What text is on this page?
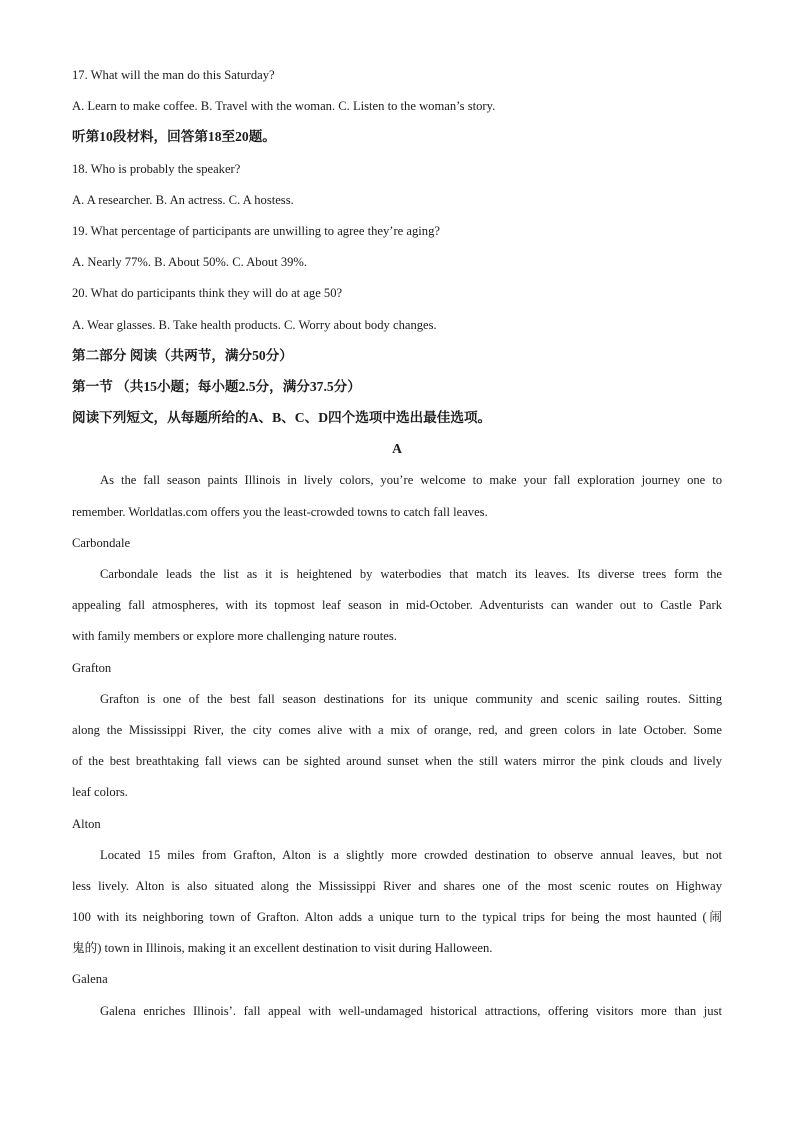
17. What will the man do this Saturday?
A. Learn to make coffee. B. Travel with the woman. C. Listen to the woman’s story.
听第10段材料，回答第18至20题。
18. Who is probably the speaker?
A. A researcher. B. An actress. C. A hostess.
19. What percentage of participants are unwilling to agree they’re aging?
A. Nearly 77%. B. About 50%. C. About 39%.
20. What do participants think they will do at age 50?
A. Wear glasses. B. Take health products. C. Worry about body changes.
第二部分 阅读（共两节，满分50分）
第一节 （共15小题；每小题2.5分，满分37.5分）
阅读下列短文，从每题所给的A、B、C、D四个选项中选出最佳选项。
A
As the fall season paints Illinois in lively colors, you’re welcome to make your fall exploration journey one to
remember. Worldatlas.com offers you the least-crowded towns to catch fall leaves.
Carbondale
Carbondale leads the list as it is heightened by waterbodies that match its leaves. Its diverse trees form the
appealing fall atmospheres, with its topmost leaf season in mid-October. Adventurists can wander out to Castle Park
with family members or explore more challenging nature routes.
Grafton
Grafton is one of the best fall season destinations for its unique community and scenic sailing routes. Sitting
along the Mississippi River, the city comes alive with a mix of orange, red, and green colors in late October. Some
of the best breathtaking fall views can be sighted around sunset when the still waters mirror the pink clouds and lively
leaf colors.
Alton
Located 15 miles from Grafton, Alton is a slightly more crowded destination to observe annual leaves, but not
less lively. Alton is also situated along the Mississippi River and shares one of the most scenic routes on Highway
100 with its neighboring town of Grafton. Alton adds a unique turn to the typical trips for being the most haunted (闹
鬼的) town in Illinois, making it an excellent destination to visit during Halloween.
Galena
Galena enriches Illinois’. fall appeal with well-undamaged historical attractions, offering visitors more than just
